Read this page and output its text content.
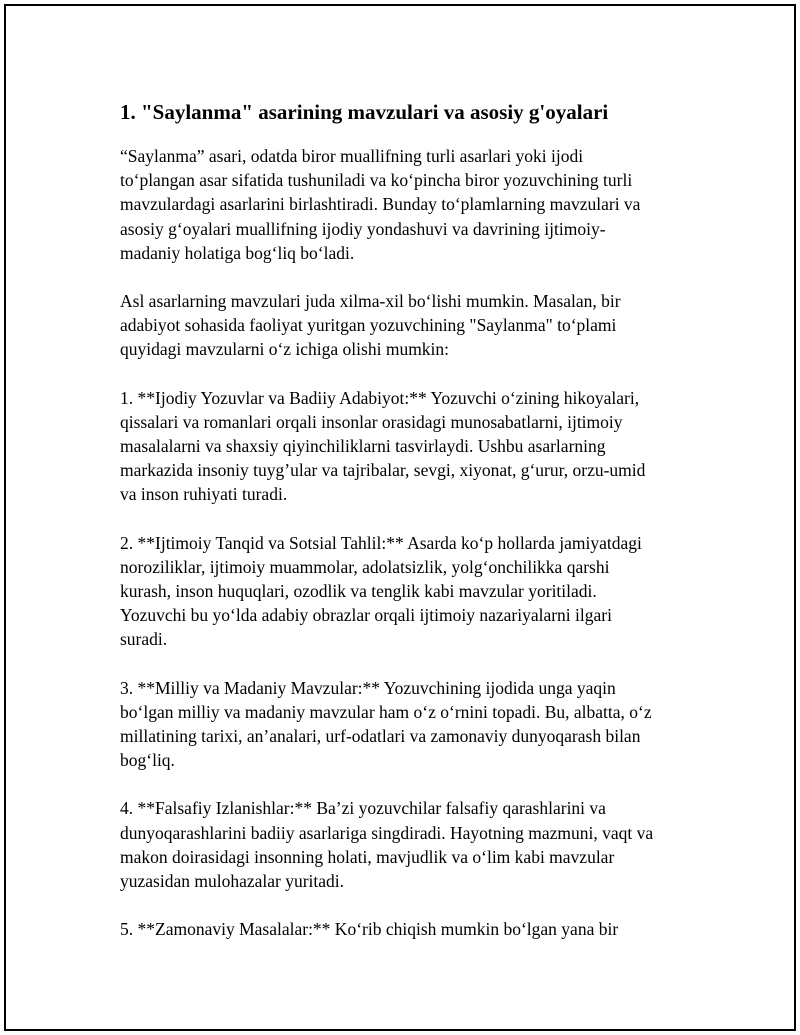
1. "Saylanma" asarining mavzulari va asosiy g'oyalari
“Saylanma” asari, odatda biror muallifning turli asarlari yoki ijodi
to‘plangan asar sifatida tushuniladi va ko‘pincha biror yozuvchining turli
mavzulardagi asarlarini birlashtiradi. Bunday to‘plamlarning mavzulari va
asosiy g‘oyalari muallifning ijodiy yondashuvi va davrining ijtimoiy-
madaniy holatiga bog‘liq bo‘ladi.
Asl asarlarning mavzulari juda xilma-xil bo‘lishi mumkin. Masalan, bir
adabiyot sohasida faoliyat yuritgan yozuvchining "Saylanma" to‘plami
quyidagi mavzularni o‘z ichiga olishi mumkin:
1. **Ijodiy Yozuvlar va Badiiy Adabiyot:** Yozuvchi o‘zining hikoyalari,
qissalari va romanlari orqali insonlar orasidagi munosabatlarni, ijtimoiy
masalalarni va shaxsiy qiyinchiliklarni tasvirlaydi. Ushbu asarlarning
markazida insoniy tuyg’ular va tajribalar, sevgi, xiyonat, g‘urur, orzu-umid
va inson ruhiyati turadi.
2. **Ijtimoiy Tanqid va Sotsial Tahlil:** Asarda ko‘p hollarda jamiyatdagi
noroziliklar, ijtimoiy muammolar, adolatsizlik, yolg‘onchilikka qarshi
kurash, inson huquqlari, ozodlik va tenglik kabi mavzular yoritiladi.
Yozuvchi bu yo‘lda adabiy obrazlar orqali ijtimoiy nazariyalarni ilgari
suradi.
3. **Milliy va Madaniy Mavzular:** Yozuvchining ijodida unga yaqin
bo‘lgan milliy va madaniy mavzular ham o‘z o‘rnini topadi. Bu, albatta, o‘z
millatining tarixi, an’analari, urf-odatlari va zamonaviy dunyoqarash bilan
bog‘liq.
4. **Falsafiy Izlanishlar:** Ba’zi yozuvchilar falsafiy qarashlarini va
dunyoqarashlarini badiiy asarlariga singdiradi. Hayotning mazmuni, vaqt va
makon doirasidagi insonning holati, mavjudlik va o‘lim kabi mavzular
yuzasidan mulohazalar yuritadi.
5. **Zamonaviy Masalalar:** Ko‘rib chiqish mumkin bo‘lgan yana bir
